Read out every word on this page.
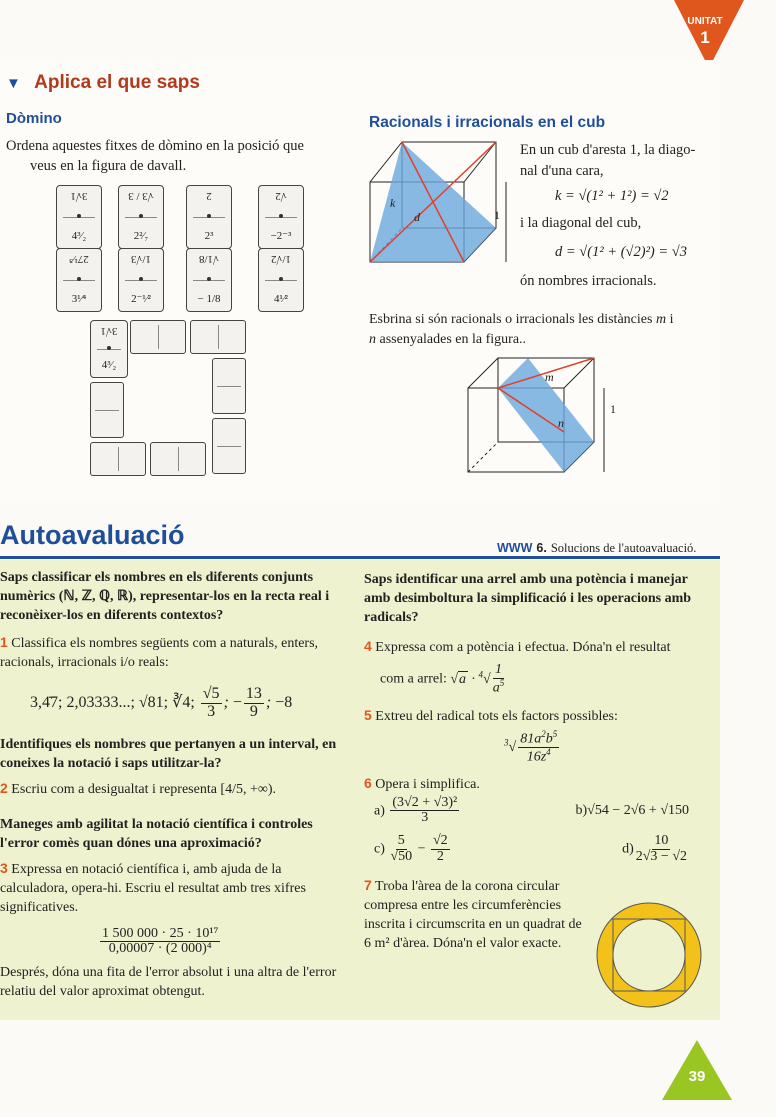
UNITAT
1
▼ Aplica el que saps
Dòmino
Ordena aquestes fitxes de dòmino en la posició que
veus en la figura de davall.
3√1
4³⁄₂
√3 / 3
2²⁄₇
2
2³
√2
−2⁻³
27¹⁄³
3¹⁄⁴
1/√3
2⁻¹⁄²
√1/8
− 1/8
1/√2
4¹⁄²
3√1
4³⁄₂
Racionals i irracionals en el cub
k
d	1
En un cub d'aresta 1, la diago-
nal d'una cara,
k = √(1² + 1²) = √2
i la diagonal del cub,
d = √(1² + (√2)²) = √3
ón nombres irracionals.
Esbrina si són racionals o irracionals les distàncies m i
n assenyalades en la figura..
m
n
1
Autoavaluació	WWW 6. Solucions de l'autoavaluació.
Saps classificar els nombres en els diferents conjunts numèrics (ℕ, ℤ, ℚ, ℝ), representar-los en la recta real i reconèixer-los en diferents contextos?
1 Classifica els nombres següents com a naturals, enters, racionals, irracionals i/o reals:
3,4̇7; 2,03333...; √81; ∛4; $\frac{√5}{3}$ ; − $\frac{13}{9}$ ; −8
Identifiques els nombres que pertanyen a un interval, en coneixes la notació i saps utilitzar-la?
2 Escriu com a desigualtat i representa [4/5, +∞).
Maneges amb agilitat la notació científica i controles l'error comès quan dónes una aproximació?
3 Expressa en notació científica i, amb ajuda de la calculadora, opera-hi. Escriu el resultat amb tres xifres significatives.
$\frac{\text{1 500 000 · 25 · 10¹⁷}}{\text{0,00007 · (2 000)⁴}}$
Després, dóna una fita de l'error absolut i una altra de l'error relatiu del valor aproximat obtengut.
Saps identificar una arrel amb una potència i manejar amb desimboltura la simplificació i les operacions amb radicals?
4 Expressa com a potència i efectua. Dóna'n el resultat
com a arrel: $√a \cdot ^4√ \frac{1}{a^5}$
5 Extreu del radical tots els factors possibles:
$^3√ \frac{81a^2b^5}{16z^4}$
6 Opera i simplifica.
$a) \frac{\text{(3√2 + √3)²}}{3}$	b)√54 − 2√6 + √150
$c) \frac{5}{√50} - \frac{√2}{2}$	$d) \frac{10}{2√3 - √2}$
7 Troba l'àrea de la corona circular compresa entre les circumferències inscrita i circumscrita en un quadrat de 6 m² d'àrea. Dóna'n el valor exacte.
39
